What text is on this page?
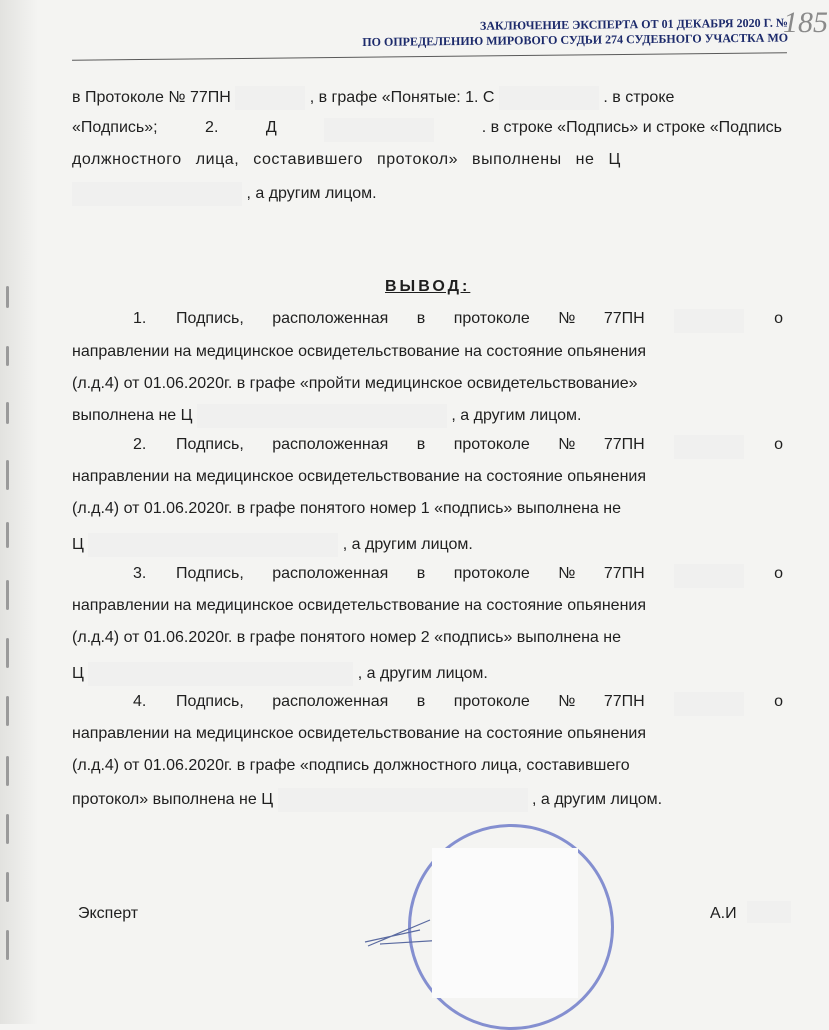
ЗАКЛЮЧЕНИЕ ЭКСПЕРТА ОТ 01 ДЕКАБРЯ 2020 Г. №
ПО ОПРЕДЕЛЕНИЮ МИРОВОГО СУДЬИ 274 СУДЕБНОГО УЧАСТКА МО
185
в Протоколе № 77ПН	, в графе «Понятые: 1. С	. в строке
«Подпись»;	2.	Д	. в строке «Подпись» и строке «Подпись
должностного лица, составившего протокол» выполнены не Ц
, а другим лицом.
ВЫВОД:
1. Подпись, расположенная в протоколе № 77ПН	о
направлении на медицинское освидетельствование на состояние опьянения
(л.д.4) от 01.06.2020г. в графе «пройти медицинское освидетельствование»
выполнена не Ц	, а другим лицом.
2. Подпись, расположенная в протоколе № 77ПН	о
направлении на медицинское освидетельствование на состояние опьянения
(л.д.4) от 01.06.2020г. в графе понятого номер 1 «подпись» выполнена не
Ц	, а другим лицом.
3. Подпись, расположенная в протоколе № 77ПН	о
направлении на медицинское освидетельствование на состояние опьянения
(л.д.4) от 01.06.2020г. в графе понятого номер 2 «подпись» выполнена не
Ц	, а другим лицом.
4. Подпись, расположенная в протоколе № 77ПН	о
направлении на медицинское освидетельствование на состояние опьянения
(л.д.4) от 01.06.2020г. в графе «подпись должностного лица, составившего
протокол» выполнена не Ц	, а другим лицом.
Эксперт	А.И
